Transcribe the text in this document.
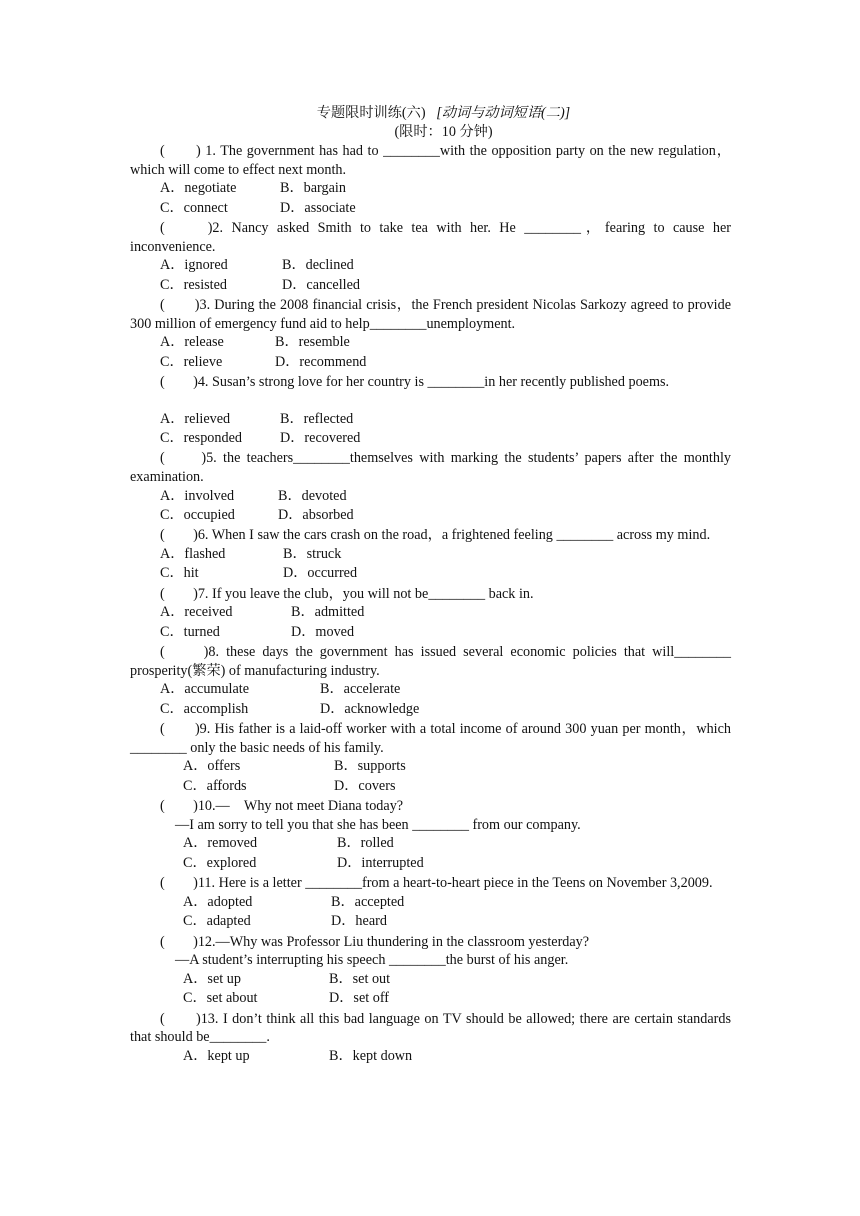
专题限时训练(六) [动词与动词短语(二)]
(限时：10 分钟)
(　　) 1. The government has had to ________with the opposition party on the new regulation，which will come to effect next month.
A．negotiate	B．bargain
C．connect	D．associate
(　　)2. Nancy asked Smith to take tea with her. He ________，fearing to cause her inconvenience.
A．ignored	B．declined
C．resisted	D．cancelled
(　　)3. During the 2008 financial crisis，the French president Nicolas Sarkozy agreed to provide 300 million of emergency fund aid to help________unemployment.
A．release	B．resemble
C．relieve	D．recommend
(　　)4. Susan’s strong love for her country is ________in her recently published poems.
A．relieved	B．reflected
C．responded	D．recovered
(　　)5. the teachers________themselves with marking the students’ papers after the monthly examination.
A．involved	B．devoted
C．occupied	D．absorbed
(　　)6. When I saw the cars crash on the road，a frightened feeling ________ across my mind.
A．flashed	B．struck
C．hit	D．occurred
(　　)7. If you leave the club，you will not be________ back in.
A．received	B．admitted
C．turned	D．moved
(　　)8. these days the government has issued several economic policies that will________ prosperity(繁荣) of manufacturing industry.
A．accumulate	B．accelerate
C．accomplish	D．acknowledge
(　　)9. His father is a laid-off worker with a total income of around 300 yuan per month，which ________ only the basic needs of his family.
A．offers	B．supports
C．affords	D．covers
(　　)10.—　Why not meet Diana today?
—I am sorry to tell you that she has been ________ from our company.
A．removed	B．rolled
C．explored	D．interrupted
(　　)11. Here is a letter ________from a heart-to-heart piece in the Teens on November 3,2009.
A．adopted	B．accepted
C．adapted	D．heard
(　　)12.—Why was Professor Liu thundering in the classroom yesterday?
—A student’s interrupting his speech ________the burst of his anger.
A．set up	B．set out
C．set about	D．set off
(　　)13. I don’t think all this bad language on TV should be allowed; there are certain standards that should be________.
A．kept up	B．kept down
